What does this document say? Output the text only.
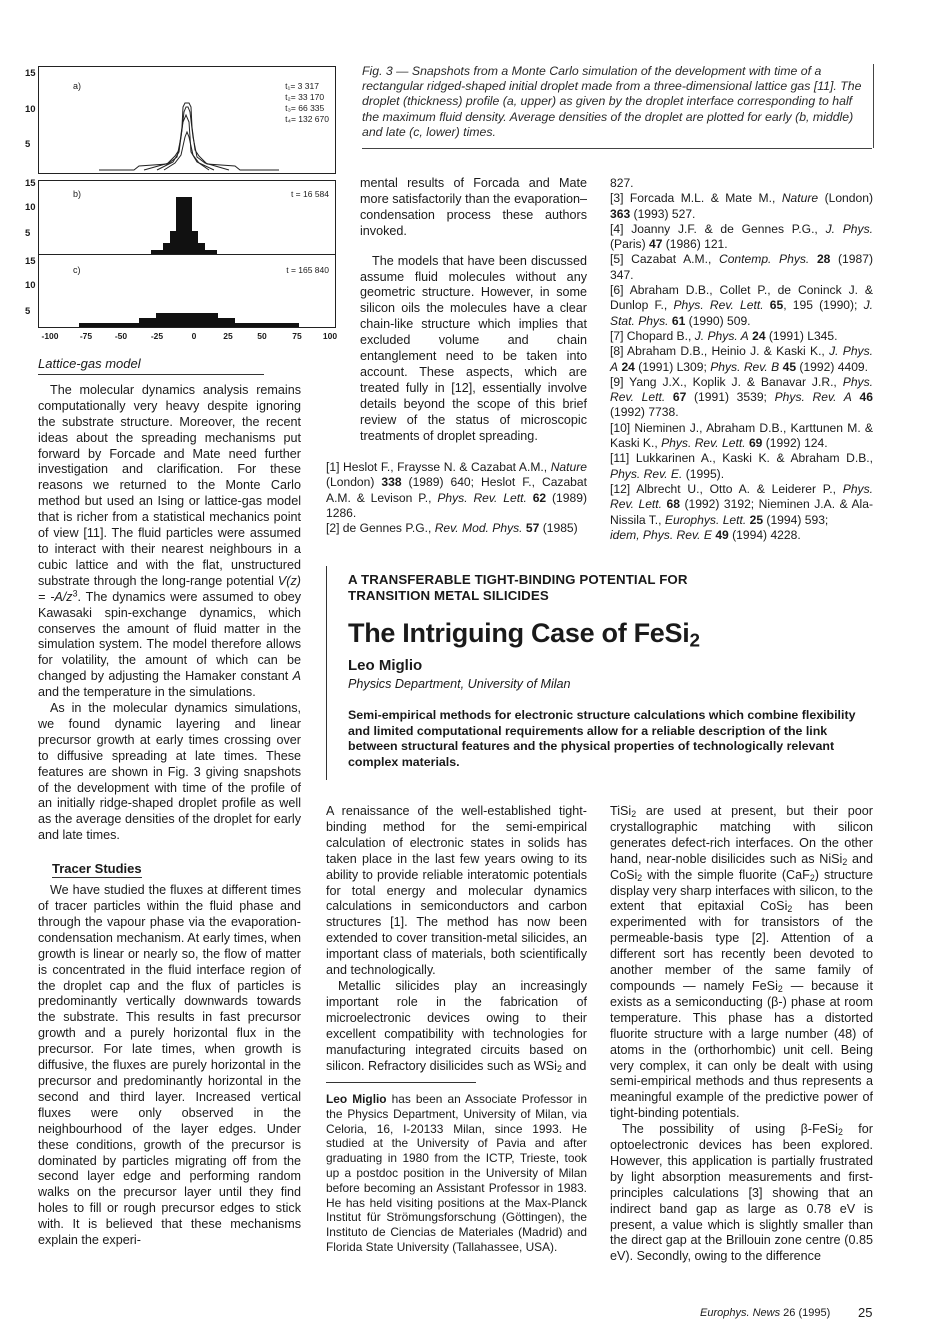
a)	t₁= 3 317
t₂= 33 170
t₃= 66 335
t₄= 132 670
b)	t = 16 584
c)	t = 165 840
15
10
5
15
10
5
15
10
5
-100	-75	-50	-25	0	25	50	75 100
Fig. 3 — Snapshots from a Monte Carlo simulation of the development with time of a rectangular ridged-shaped initial droplet made from a three-dimensional lattice gas [11]. The droplet (thickness) profile (a, upper) as given by the droplet interface corresponding to half the maximum fluid density. Average densities of the droplet are plotted for early (b, middle) and late (c, lower) times.
Lattice-gas model

The molecular dynamics analysis remains computationally very heavy despite ignoring the substrate structure. Moreover, the recent ideas about the spreading mechanisms put forward by Forcade and Mate need further investigation and clarification. For these reasons we returned to the Monte Carlo method but used an Ising or lattice-gas model that is richer from a statistical mechanics point of view [11]. The fluid particles were assumed to interact with their nearest neighbours in a cubic lattice and with the flat, unstructured substrate through the long-range potential $V(z) = -A/z^3$. The dynamics were assumed to obey Kawasaki spin-exchange dynamics, which conserves the amount of fluid matter in the simulation system. The model therefore allows for volatility, the amount of which can be changed by adjusting the Hamaker constant A and the temperature in the simulations.

As in the molecular dynamics simulations, we found dynamic layering and linear precursor growth at early times crossing over to diffusive spreading at late times. These features are shown in Fig. 3 giving snapshots of the development with time of the profile of an initially ridge-shaped droplet profile as well as the average densities of the droplet for early and late times.

Tracer Studies

We have studied the fluxes at different times of tracer particles within the fluid phase and through the vapour phase via the evaporation-condensation mechanism. At early times, when growth is linear or nearly so, the flow of matter is concentrated in the fluid interface region of the droplet cap and the flux of particles is predominantly vertically downwards towards the substrate. This results in fast precursor growth and a purely horizontal flux in the precursor. For late times, when growth is diffusive, the fluxes are purely horizontal in the precursor and predominantly horizontal in the second and third layer. Increased vertical fluxes were only observed in the neighbourhood of the layer edges. Under these conditions, growth of the precursor is dominated by particles migrating off from the second layer edge and performing random walks on the precursor layer until they find holes to fill or rough precursor edges to stick with. It is believed that these mechanisms explain the experi-

mental results of Forcada and Mate more satisfactorily than the evaporation–condensation process these authors invoked.

The models that have been discussed assume fluid molecules without any geometric structure. However, in some silicon oils the molecules have a clear chain-like structure which implies that excluded volume and chain entanglement need to be taken into account. These aspects, which are treated fully in [12], essentially involve details beyond the scope of this brief review of the status of microscopic treatments of droplet spreading.

[1] Heslot F., Fraysse N. & Cazabat A.M., Nature (London) 338 (1989) 640; Heslot F., Cazabat A.M. & Levison P., Phys. Rev. Lett. 62 (1989) 1286.

[2] de Gennes P.G., Rev. Mod. Phys. 57 (1985)

827.

[3] Forcada M.L. & Mate M., Nature (London) 363 (1993) 527.

[4] Joanny J.F. & de Gennes P.G., J. Phys. (Paris) 47 (1986) 121.

[5] Cazabat A.M., Contemp. Phys. 28 (1987) 347.

[6] Abraham D.B., Collet P., de Coninck J. & Dunlop F., Phys. Rev. Lett. 65, 195 (1990); J. Stat. Phys. 61 (1990) 509.

[7] Chopard B., J. Phys. A 24 (1991) L345.

[8] Abraham D.B., Heinio J. & Kaski K., J. Phys. A 24 (1991) L309; Phys. Rev. B 45 (1992) 4409.

[9] Yang J.X., Koplik J. & Banavar J.R., Phys. Rev. Lett. 67 (1991) 3539; Phys. Rev. A 46 (1992) 7738.

[10] Nieminen J., Abraham D.B., Karttunen M. & Kaski K., Phys. Rev. Lett. 69 (1992) 124.

[11] Lukkarinen A., Kaski K. & Abraham D.B., Phys. Rev. E. (1995).

[12] Albrecht U., Otto A. & Leiderer P., Phys. Rev. Lett. 68 (1992) 3192; Nieminen J.A. & Ala-Nissila T., Europhys. Lett. 25 (1994) 593;

idem, Phys. Rev. E 49 (1994) 4228.

A TRANSFERABLE TIGHT-BINDING POTENTIAL FOR
TRANSITION METAL SILICIDES
The Intriguing Case of FeSi$_2$
Leo Miglio
Physics Department, University of Milan
Semi-empirical methods for electronic structure calculations which combine flexibility and limited computational requirements allow for a reliable description of the link between structural features and the physical properties of technologically relevant complex materials.

A renaissance of the well-established tight-binding method for the semi-empirical calculation of electronic states in solids has taken place in the last few years owing to its ability to provide reliable interatomic potentials for total energy and molecular dynamics calculations in semiconductors and carbon structures [1]. The method has now been extended to cover transition-metal silicides, an important class of materials, both scientifically and technologically.

Metallic silicides play an increasingly important role in the fabrication of microelectronic devices owing to their excellent compatibility with technologies for manufacturing integrated circuits based on silicon. Refractory disilicides such as WSi$_2$ and

Leo Miglio has been an Associate Professor in the Physics Department, University of Milan, via Celoria, 16, I-20133 Milan, since 1993. He studied at the University of Pavia and after graduating in 1980 from the ICTP, Trieste, took up a postdoc position in the University of Milan before becoming an Assistant Professor in 1983. He has held visiting positions at the Max-Planck Institut für Strömungsforschung (Göttingen), the Instituto de Ciencias de Materiales (Madrid) and Florida State University (Tallahassee, USA).

TiSi$_2$ are used at present, but their poor crystallographic matching with silicon generates defect-rich interfaces. On the other hand, near-noble disilicides such as NiSi$_2$ and CoSi$_2$ with the simple fluorite (CaF$_2$) structure display very sharp interfaces with silicon, to the extent that epitaxial CoSi$_2$ has been experimented with for transistors of the permeable-basis type [2]. Attention of a different sort has recently been devoted to another member of the same family of compounds — namely FeSi$_2$ — because it exists as a semiconducting (β-) phase at room temperature. This phase has a distorted fluorite structure with a large number (48) of atoms in the (orthorhombic) unit cell. Being very complex, it can only be dealt with using semi-empirical methods and thus represents a meaningful example of the predictive power of tight-binding potentials.

The possibility of using β-FeSi$_2$ for optoelectronic devices has been explored. However, this application is partially frustrated by light absorption measurements and first-principles calculations [3] showing that an indirect band gap as large as 0.78 eV is present, a value which is slightly smaller than the direct gap at the Brillouin zone centre (0.85 eV). Secondly, owing to the difference

Europhys. News 26 (1995) 25
